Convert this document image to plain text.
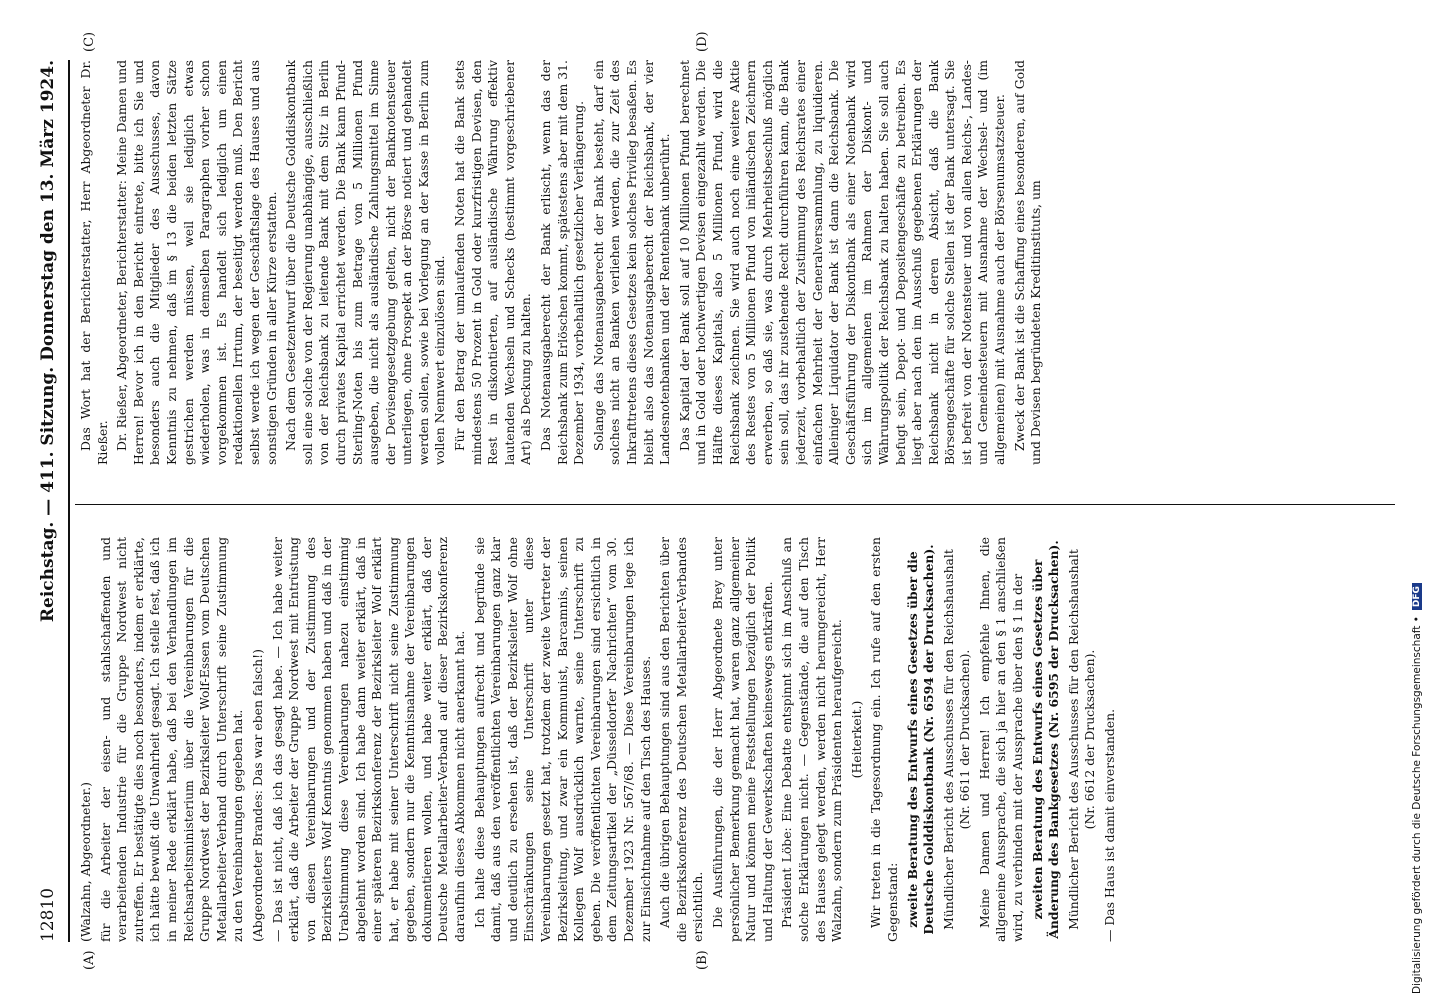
12810
Reichstag. — 411. Sitzung. Donnerstag den 13. März 1924.
(A)	(B)
(C)	(D)

(Walzahn, Abgeordneter.) für die Arbeiter der eisen- und stahlschaffenden und verarbeitenden Industrie für die Gruppe Nordwest nicht zutreffen. Er bestätigte dies noch besonders, indem er erklärte, ich hätte bewußt die Unwahrheit gesagt. Ich stelle fest, daß ich in meiner Rede erklärt habe, daß bei den Verhandlungen im Reichsarbeitsministerium über die Vereinbarungen für die Gruppe Nordwest der Bezirksleiter Wolf-Essen vom Deutschen Metallarbeiter-Verband durch Unterschrift seine Zustimmung zu den Vereinbarungen gegeben hat. (Abgeordneter Brandes: Das war eben falsch!) — Das ist nicht, daß ich das gesagt habe. — Ich habe weiter erklärt, daß die Arbeiter der Gruppe Nordwest mit Entrüstung von diesen Vereinbarungen und der Zustimmung des Bezirksleiters Wolf Kenntnis genommen haben und daß in der Urabstimmung diese Vereinbarungen nahezu einstimmig abgelehnt worden sind. Ich habe dann weiter erklärt, daß in einer späteren Bezirkskonferenz der Bezirksleiter Wolf erklärt hat, er habe mit seiner Unterschrift nicht seine Zustimmung gegeben, sondern nur die Kenntnisnahme der Vereinbarungen dokumentieren wollen, und habe weiter erklärt, daß der Deutsche Metallarbeiter-Verband auf dieser Bezirkskonferenz daraufhin dieses Abkommen nicht anerkannt hat. Ich halte diese Behauptungen aufrecht und begründe sie damit, daß aus den veröffentlichten Vereinbarungen ganz klar und deutlich zu ersehen ist, daß der Bezirksleiter Wolf ohne Einschränkungen seine Unterschrift unter diese Vereinbarungen gesetzt hat, trotzdem der zweite Vertreter der Bezirksleitung, und zwar ein Kommunist, Barcamnis, seinen Kollegen Wolf ausdrücklich warnte, seine Unterschrift zu geben. Die veröffentlichten Vereinbarungen sind ersichtlich in dem Zeitungsartikel der „Düsseldorfer Nachrichten“ vom 30. Dezember 1923 Nr. 567/68. — Diese Vereinbarungen lege ich zur Einsichtnahme auf den Tisch des Hauses. Auch die übrigen Behauptungen sind aus den Berichten über die Bezirkskonferenz des Deutschen Metallarbeiter-Verbandes ersichtlich. Die Ausführungen, die der Herr Abgeordnete Brey unter persönlicher Bemerkung gemacht hat, waren ganz allgemeiner Natur und können meine Feststellungen bezüglich der Politik und Haltung der Gewerkschaften keineswegs entkräften. Präsident Löbe: Eine Debatte entspinnt sich im Anschluß an solche Erklärungen nicht. — Gegenstände, die auf den Tisch des Hauses gelegt werden, werden nicht herumgereicht, Herr Walzahn, sondern zum Präsidenten heraufgereicht. (Heiterkeit.) Wir treten in die Tagesordnung ein. Ich rufe auf den ersten Gegenstand: zweite Beratung des Entwurfs eines Gesetzes über die Deutsche Golddiskontbank (Nr. 6594 der Drucksachen). Mündlicher Bericht des Ausschusses für den Reichshaushalt (Nr. 6611 der Drucksachen). Meine Damen und Herren! Ich empfehle Ihnen, die allgemeine Aussprache, die sich ja hier an den § 1 anschließen wird, zu verbinden mit der Aussprache über den § 1 in der zweiten Beratung des Entwurfs eines Gesetzes über Änderung des Bankgesetzes (Nr. 6595 der Drucksachen). Mündlicher Bericht des Ausschusses für den Reichshaushalt (Nr. 6612 der Drucksachen). — Das Haus ist damit einverstanden.

Das Wort hat der Berichterstatter, Herr Abgeordneter Dr. Rießer. Dr. Rießer, Abgeordneter, Berichterstatter: Meine Damen und Herren! Bevor ich in den Bericht eintrete, bitte ich Sie und besonders auch die Mitglieder des Ausschusses, davon Kenntnis zu nehmen, daß im § 13 die beiden letzten Sätze gestrichen werden müssen, weil sie lediglich etwas wiederholen, was in demselben Paragraphen vorher schon vorgekommen ist. Es handelt sich lediglich um einen redaktionellen Irrtum, der beseitigt werden muß. Den Bericht selbst werde ich wegen der Geschäftslage des Hauses und aus sonstigen Gründen in aller Kürze erstatten. Nach dem Gesetzentwurf über die Deutsche Golddiskontbank soll eine solche von der Regierung unabhängige, ausschließlich von der Reichsbank zu leitende Bank mit dem Sitz in Berlin durch privates Kapital errichtet werden. Die Bank kann Pfund-Sterling-Noten bis zum Betrage von 5 Millionen Pfund ausgeben, die nicht als ausländische Zahlungsmittel im Sinne der Devisengesetzgebung gelten, nicht der Banknotensteuer unterliegen, ohne Prospekt an der Börse notiert und gehandelt werden sollen, sowie bei Vorlegung an der Kasse in Berlin zum vollen Nennwert einzulösen sind. Für den Betrag der umlaufenden Noten hat die Bank stets mindestens 50 Prozent in Gold oder kurzfristigen Devisen, den Rest in diskontierten, auf ausländische Währung effektiv lautenden Wechseln und Schecks (bestimmt vorgeschriebener Art) als Deckung zu halten. Das Notenausgaberecht der Bank erlischt, wenn das der Reichsbank zum Erlöschen kommt, spätestens aber mit dem 31. Dezember 1934, vorbehaltlich gesetzlicher Verlängerung. Solange das Notenausgaberecht der Bank besteht, darf ein solches nicht an Banken verliehen werden, die zur Zeit des Inkrafttretens dieses Gesetzes kein solches Privileg besaßen. Es bleibt also das Notenausgaberecht der Reichsbank, der vier Landesnotenbanken und der Rentenbank unberührt. Das Kapital der Bank soll auf 10 Millionen Pfund berechnet und in Gold oder hochwertigen Devisen eingezahlt werden. Die Hälfte dieses Kapitals, also 5 Millionen Pfund, wird die Reichsbank zeichnen. Sie wird auch noch eine weitere Aktie des Restes von 5 Millionen Pfund von inländischen Zeichnern erwerben, so daß sie, was durch Mehrheitsbeschluß möglich sein soll, das ihr zustehende Recht durchführen kann, die Bank jederzeit, vorbehaltlich der Zustimmung des Reichsrates einer einfachen Mehrheit der Generalversammlung, zu liquidieren. Alleiniger Liquidator der Bank ist dann die Reichsbank. Die Geschäftsführung der Diskontbank als einer Notenbank wird sich im allgemeinen im Rahmen der Diskont- und Währungspolitik der Reichsbank zu halten haben. Sie soll auch befugt sein, Depot- und Depositengeschäfte zu betreiben. Es liegt aber nach den im Ausschuß gegebenen Erklärungen der Reichsbank nicht in deren Absicht, daß die Bank Börsengeschäfte für solche Stellen ist der Bank untersagt. Sie ist befreit von der Notensteuer und von allen Reichs-, Landes- und Gemeindesteuern mit Ausnahme der Wechsel- und (im allgemeinen) mit Ausnahme auch der Börsenumsatzsteuer. Zweck der Bank ist die Schaffung eines besonderen, auf Gold und Devisen begründeten Kreditinstituts, um

Digitalisierung gefördert durch die Deutsche Forschungsgemeinschaft •
DFG
